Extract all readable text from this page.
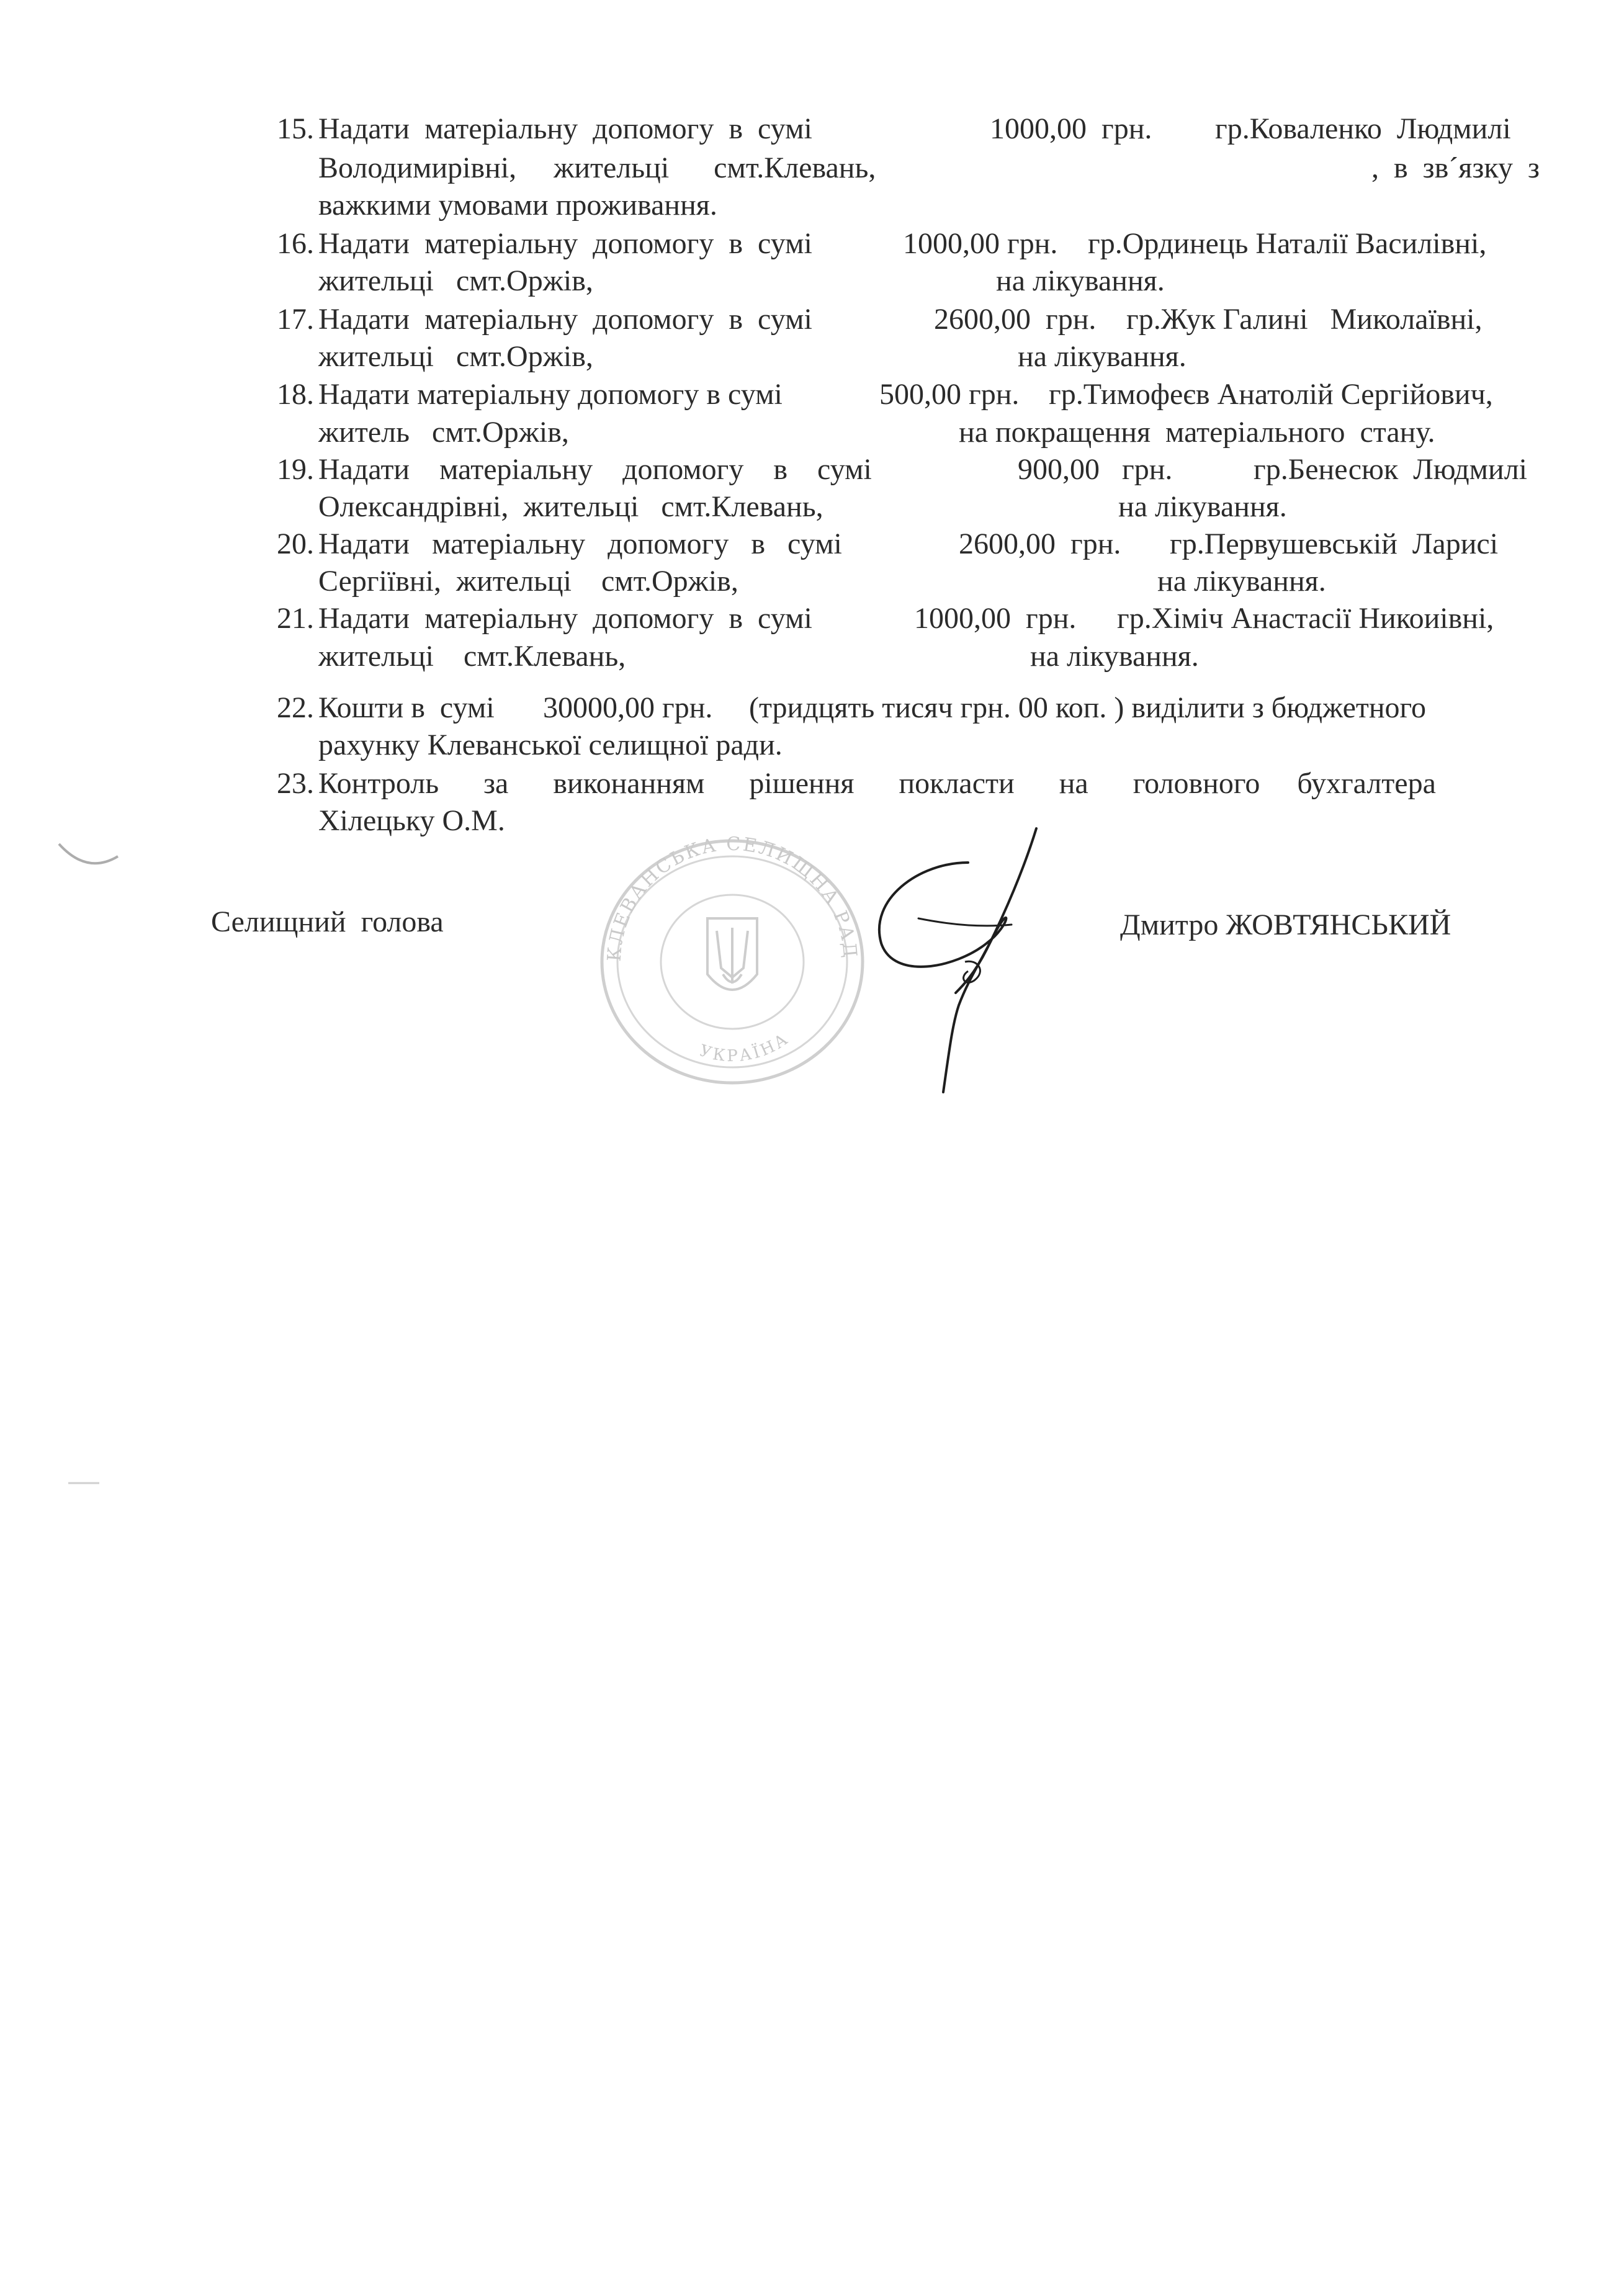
15. Надати  матеріальну  допомогу  в  сумі	1000,00  грн. гр.Коваленко  Людмилі
Володимирівні,     жительці      смт.Клевань,	,  в  зв´язку  з
важкими умовами проживання.
16. Надати  матеріальну  допомогу  в  сумі	1000,00 грн. гр.Ординець Наталії Василівні,
жительці   смт.Оржів,	на лікування.
17. Надати  матеріальну  допомогу  в  сумі	2600,00  грн. гр.Жук Галині   Миколаївні,
жительці   смт.Оржів,	на лікування.
18. Надати матеріальну допомогу в сумі	500,00 грн. гр.Тимофеєв Анатолій Сергійович,
житель   смт.Оржів,	на покращення  матеріального  стану.
19. Надати    матеріальну    допомогу    в    сумі	900,00   грн.	гр.Бенесюк  Людмилі
Олександрівні,  жительці   смт.Клевань,	на лікування.
20. Надати   матеріальну   допомогу   в   сумі	2600,00  грн. гр.Первушевській  Ларисі
Сергіївні,  жительці    смт.Оржів,	на лікування.
21. Надати  матеріальну  допомогу  в  сумі	1000,00  грн. гр.Хіміч Анастасії Никоиівні,
жительці    смт.Клевань,	на лікування.
22. Кошти в  сумі 30000,00 грн. (тридцять тисяч грн. 00 коп. ) виділити з бюджетного
рахунку Клеванської селищної ради.
23. Контроль      за      виконанням      рішення      покласти      на      головного     бухгалтера
Хілецьку О.М.
КЛЕВАНСЬКА СЕЛИЩНА РАДА
УКРАЇНА
Селищний  голова	Дмитро ЖОВТЯНСЬКИЙ
